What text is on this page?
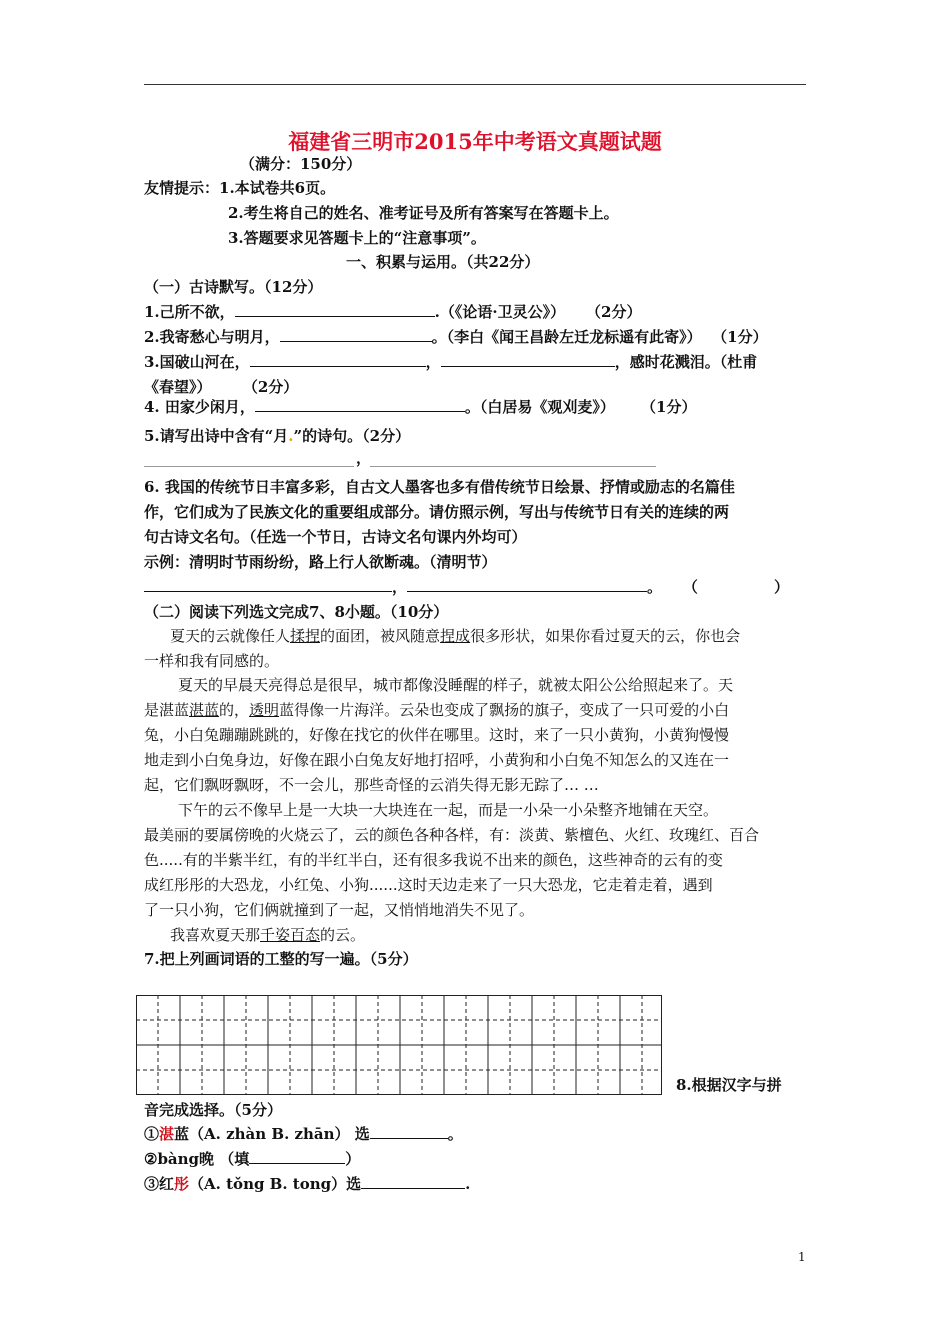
福建省三明市2015年中考语文真题试题
（满分：150分）
友情提示：1.本试卷共6页。
2.考生将自己的姓名、准考证号及所有答案写在答题卡上。
3.答题要求见答题卡上的“注意事项”。
一、积累与运用。（共22分）
（一）古诗默写。（12分）
1.己所不欲，	.（《论语·卫灵公》） （2分）
2.我寄愁心与明月，	。（李白《闻王昌龄左迁龙标遥有此寄》） （1分）
3.国破山河在，	，	，感时花溅泪。（杜甫
《春望》） （2分）
4. 田家少闲月，	。（白居易《观刈麦》） （1分）
5.请写出诗中含有“月.”的诗句。（2分）
，
6. 我国的传统节日丰富多彩，自古文人墨客也多有借传统节日绘景、抒情或励志的名篇佳
作，它们成为了民族文化的重要组成部分。请仿照示例，写出与传统节日有关的连续的两
句古诗文名句。（任选一个节日，古诗文名句课内外均可）
示例：清明时节雨纷纷，路上行人欲断魂。（清明节）
，	。 （	）
（二）阅读下列选文完成7、8小题。（10分）
夏天的云就像任人揉捏的面团，被风随意捏成很多形状，如果你看过夏天的云，你也会
一样和我有同感的。
夏天的早晨天亮得总是很早，城市都像没睡醒的样子，就被太阳公公给照起来了。天
是湛蓝湛蓝的，透明蓝得像一片海洋。云朵也变成了飘扬的旗子，变成了一只可爱的小白
兔，小白兔蹦蹦跳跳的，好像在找它的伙伴在哪里。这时，来了一只小黄狗，小黄狗慢慢
地走到小白兔身边，好像在跟小白兔友好地打招呼，小黄狗和小白兔不知怎么的又连在一
起，它们飘呀飘呀，不一会儿，那些奇怪的云消失得无影无踪了… …
下午的云不像早上是一大块一大块连在一起，而是一小朵一小朵整齐地铺在天空。
最美丽的要属傍晚的火烧云了，云的颜色各种各样，有：淡黄、紫檀色、火红、玫瑰红、百合
色.....有的半紫半红，有的半红半白，还有很多我说不出来的颜色，这些神奇的云有的变
成红彤彤的大恐龙，小红兔、小狗......这时天边走来了一只大恐龙，它走着走着，遇到
了一只小狗，它们俩就撞到了一起，又悄悄地消失不见了。
我喜欢夏天那千姿百态的云。
7.把上列画词语的工整的写一遍。（5分）
8.根据汉字与拼
音完成选择。（5分）
①湛蓝（A. zhàn B. zhān） 选	。
②bàng晚 （填	）
③红彤（A. tǒng B. tong）选	.
1
